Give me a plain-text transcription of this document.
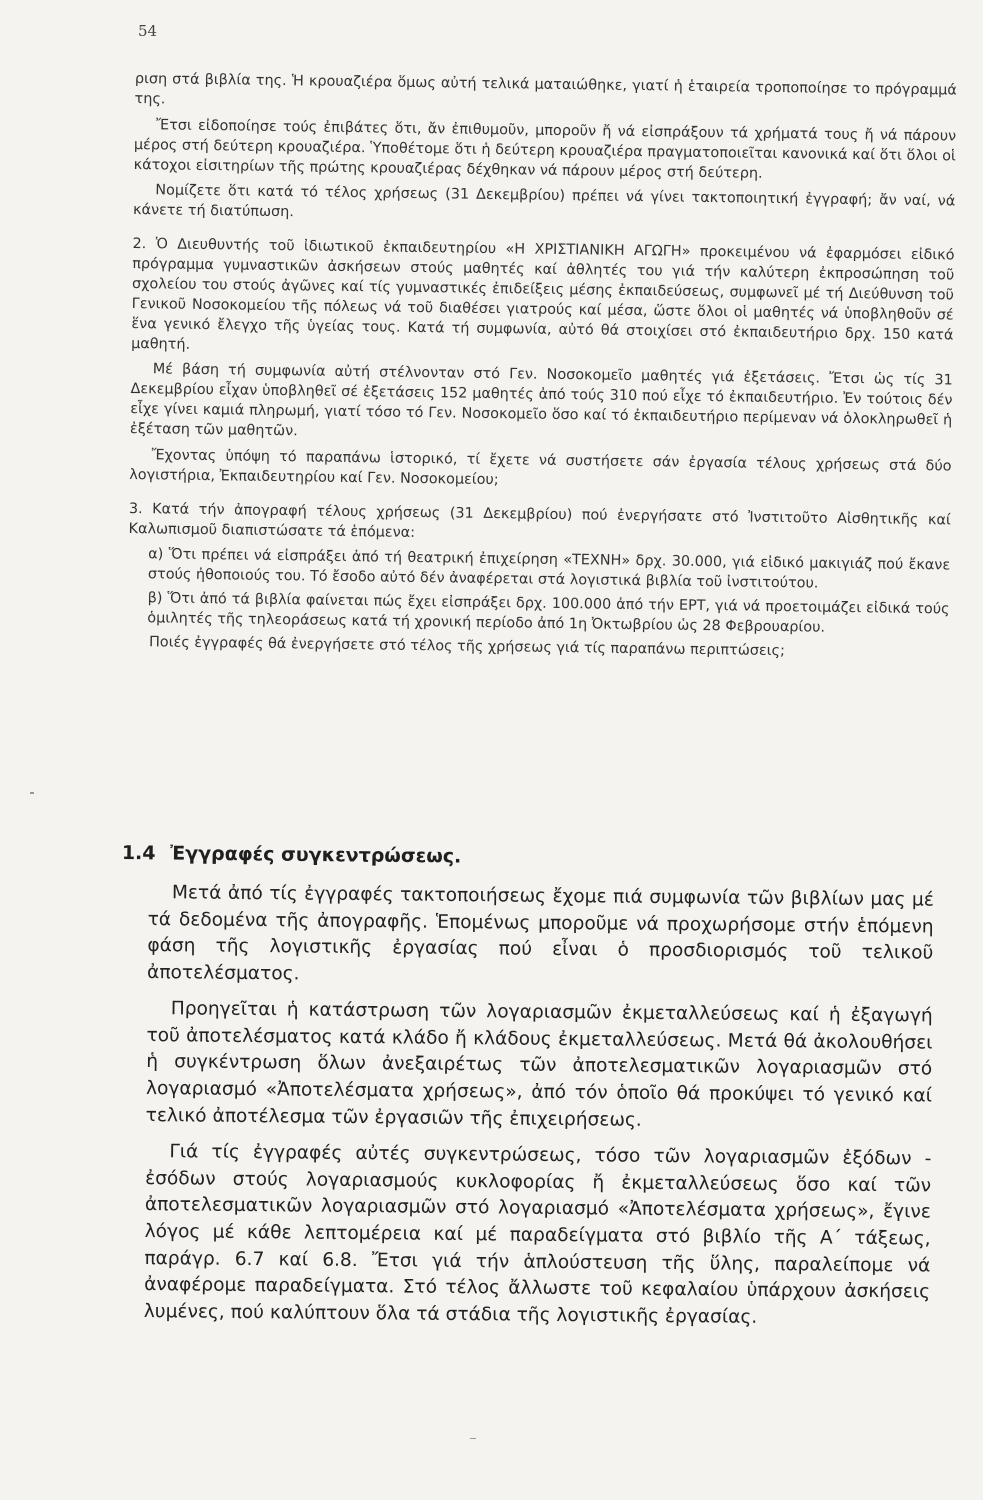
54

ριση στά βιβλία της. Ἡ κρουαζιέρα ὅμως αὐτή τελικά ματαιώθηκε, γιατί ἡ ἑταιρεία τροποποίησε το πρόγραμμά της.

Ἔτσι εἰδοποίησε τούς ἐπιβάτες ὅτι, ἄν ἐπιθυμοῦν, μποροῦν ἤ νά εἰσπράξουν τά χρήματά τους ἤ νά πάρουν μέρος στή δεύτερη κρουαζιέρα. Ὑποθέτομε ὅτι ἡ δεύτερη κρουαζιέρα πραγματοποιεῖται κανονικά καί ὅτι ὅλοι οἱ κάτοχοι εἰσιτηρίων τῆς πρώτης κρουαζιέρας δέχθηκαν νά πάρουν μέρος στή δεύτερη.

Νομίζετε ὅτι κατά τό τέλος χρήσεως (31 Δεκεμβρίου) πρέπει νά γίνει τακτοποιητική ἐγγραφή; ἄν ναί, νά κάνετε τή διατύπωση.

2. Ὁ Διευθυντής τοῦ ἰδιωτικοῦ ἐκπαιδευτηρίου «Η ΧΡΙΣΤΙΑΝΙΚΗ ΑΓΩΓΗ» προκειμένου νά ἐφαρμόσει εἰδικό πρόγραμμα γυμναστικῶν ἀσκήσεων στούς μαθητές καί ἀθλητές του γιά τήν καλύτερη ἐκπροσώπηση τοῦ σχολείου του στούς ἀγῶνες καί τίς γυμναστικές ἐπιδείξεις μέσης ἐκπαιδεύσεως, συμφωνεῖ μέ τή Διεύθυνση τοῦ Γενικοῦ Νοσοκομείου τῆς πόλεως νά τοῦ διαθέσει γιατρούς καί μέσα, ὥστε ὅλοι οἱ μαθητές νά ὑποβληθοῦν σέ ἕνα γενικό ἔλεγχο τῆς ὑγείας τους. Κατά τή συμφωνία, αὐτό θά στοιχίσει στό ἐκπαιδευτήριο δρχ. 150 κατά μαθητή.

Μέ βάση τή συμφωνία αὐτή στέλνονταν στό Γεν. Νοσοκομεῖο μαθητές γιά ἐξετάσεις. Ἔτσι ὡς τίς 31 Δεκεμβρίου εἶχαν ὑποβληθεῖ σέ ἐξετάσεις 152 μαθητές ἀπό τούς 310 πού εἶχε τό ἐκπαιδευτήριο. Ἐν τούτοις δέν εἶχε γίνει καμιά πληρωμή, γιατί τόσο τό Γεν. Νοσοκομεῖο ὅσο καί τό ἐκπαιδευτήριο περίμεναν νά ὁλοκληρωθεῖ ἡ ἐξέταση τῶν μαθητῶν.

Ἔχοντας ὑπόψη τό παραπάνω ἱστορικό, τί ἔχετε νά συστήσετε σάν ἐργασία τέλους χρήσεως στά δύο λογιστήρια, Ἐκπαιδευτηρίου καί Γεν. Νοσοκομείου;

3. Κατά τήν ἀπογραφή τέλους χρήσεως (31 Δεκεμβρίου) πού ἐνεργήσατε στό Ἰνστιτοῦτο Αἰσθητικῆς καί Καλωπισμοῦ διαπιστώσατε τά ἑπόμενα:

α) Ὅτι πρέπει νά εἰσπράξει ἀπό τή θεατρική ἐπιχείρηση «ΤΕΧΝΗ» δρχ. 30.000, γιά εἰδικό μακιγιάζ πού ἔκανε στούς ἠθοποιούς του. Τό ἔσοδο αὐτό δέν ἀναφέρεται στά λογιστικά βιβλία τοῦ ἰνστιτούτου.

β) Ὅτι ἀπό τά βιβλία φαίνεται πώς ἔχει εἰσπράξει δρχ. 100.000 ἀπό τήν ΕΡΤ, γιά νά προετοιμάζει εἰδικά τούς ὁμιλητές τῆς τηλεοράσεως κατά τή χρονική περίοδο ἀπό 1η Ὀκτωβρίου ὡς 28 Φεβρουαρίου.

Ποιές ἐγγραφές θά ἐνεργήσετε στό τέλος τῆς χρήσεως γιά τίς παραπάνω περιπτώσεις;

1.4 Ἐγγραφές συγκεντρώσεως.

Μετά ἀπό τίς ἐγγραφές τακτοποιήσεως ἔχομε πιά συμφωνία τῶν βιβλίων μας μέ τά δεδομένα τῆς ἀπογραφῆς. Ἑπομένως μποροῦμε νά προχωρήσομε στήν ἑπόμενη φάση τῆς λογιστικῆς ἐργασίας πού εἶναι ὁ προσδιορισμός τοῦ τελικοῦ ἀποτελέσματος.

Προηγεῖται ἡ κατάστρωση τῶν λογαριασμῶν ἐκμεταλλεύσεως καί ἡ ἐξαγωγή τοῦ ἀποτελέσματος κατά κλάδο ἤ κλάδους ἐκμεταλλεύσεως. Μετά θά ἀκολουθήσει ἡ συγκέντρωση ὅλων ἀνεξαιρέτως τῶν ἀποτελεσματικῶν λογαριασμῶν στό λογαριασμό «Ἀποτελέσματα χρήσεως», ἀπό τόν ὁποῖο θά προκύψει τό γενικό καί τελικό ἀποτέλεσμα τῶν ἐργασιῶν τῆς ἐπιχειρήσεως.

Γιά τίς ἐγγραφές αὐτές συγκεντρώσεως, τόσο τῶν λογαριασμῶν ἐξόδων - ἐσόδων στούς λογαριασμούς κυκλοφορίας ἤ ἐκμεταλλεύσεως ὅσο καί τῶν ἀποτελεσματικῶν λογαριασμῶν στό λογαριασμό «Ἀποτελέσματα χρήσεως», ἔγινε λόγος μέ κάθε λεπτομέρεια καί μέ παραδείγματα στό βιβλίο τῆς Α΄ τάξεως, παράγρ. 6.7 καί 6.8. Ἔτσι γιά τήν ἁπλούστευση τῆς ὕλης, παραλείπομε νά ἀναφέρομε παραδείγματα. Στό τέλος ἄλλωστε τοῦ κεφαλαίου ὑπάρχουν ἀσκήσεις λυμένες, πού καλύπτουν ὅλα τά στάδια τῆς λογιστικῆς ἐργασίας.
